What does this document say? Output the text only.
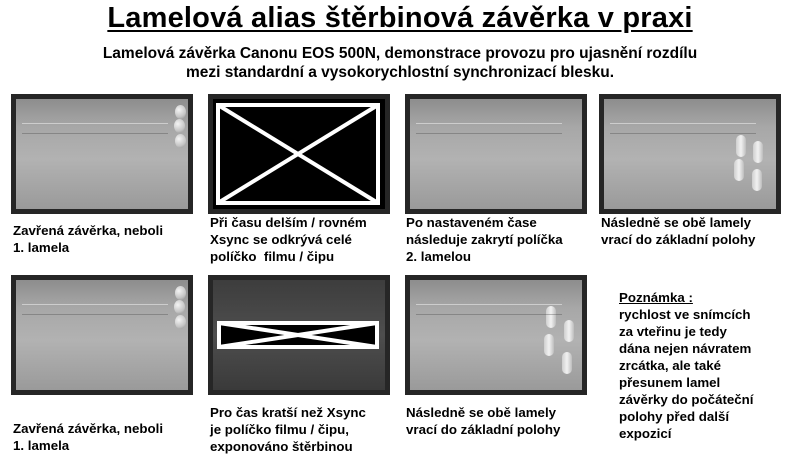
Lamelová alias štěrbinová závěrka v praxi
Lamelová závěrka Canonu EOS 500N, demonstrace provozu pro ujasnění rozdílu
mezi standardní a vysokorychlostní synchronizací blesku.
Zavřená závěrka, neboli
1. lamela
Při času delším / rovném
Xsync se odkrývá celé
políčko  filmu / čipu
Po nastaveném čase
následuje zakrytí políčka
2. lamelou
Následně se obě lamely
vrací do základní polohy
Zavřená závěrka, neboli
1. lamela
Pro čas kratší než Xsync
je políčko filmu / čipu,
exponováno štěrbinou
Následně se obě lamely
vrací do základní polohy
Poznámka :
rychlost ve snímcích
za vteřinu je tedy
dána nejen návratem
zrcátka, ale také
přesunem lamel
závěrky do počáteční
polohy před další
expozicí
